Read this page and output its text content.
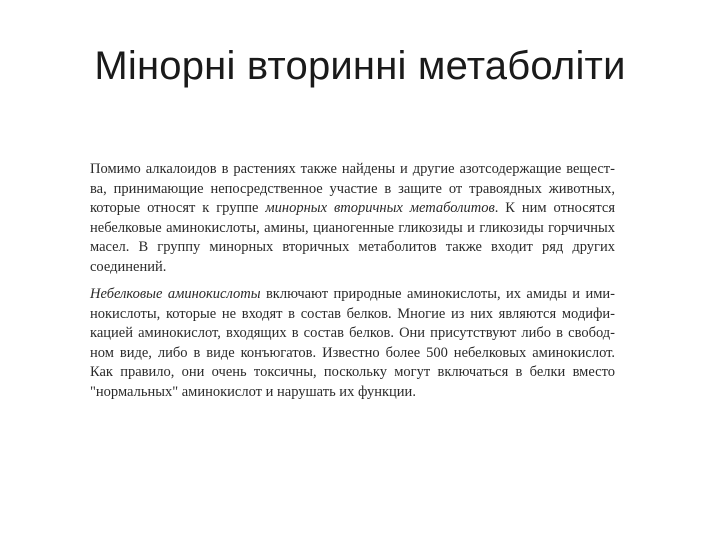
Мінорні вторинні метаболіти

Помимо алкалоидов в растениях также найдены и другие азотсодержащие вещества, принимающие непосредственное участие в защите от травоядных животных, которые относят к группе минорных вторичных метаболитов. К ним относятся небелковые аминокислоты, амины, цианогенные гликозиды и гликозиды горчичных масел. В группу минорных вторичных метаболитов также входит ряд других соединений.

Небелковые аминокислоты включают природные аминокислоты, их амиды и иминокислоты, которые не входят в состав белков. Многие из них являются модификацией аминокислот, входящих в состав белков. Они присутствуют либо в свободном виде, либо в виде конъюгатов. Известно более 500 небелковых аминокислот. Как правило, они очень токсичны, поскольку могут включаться в белки вместо "нормальных" аминокислот и нарушать их функции.
